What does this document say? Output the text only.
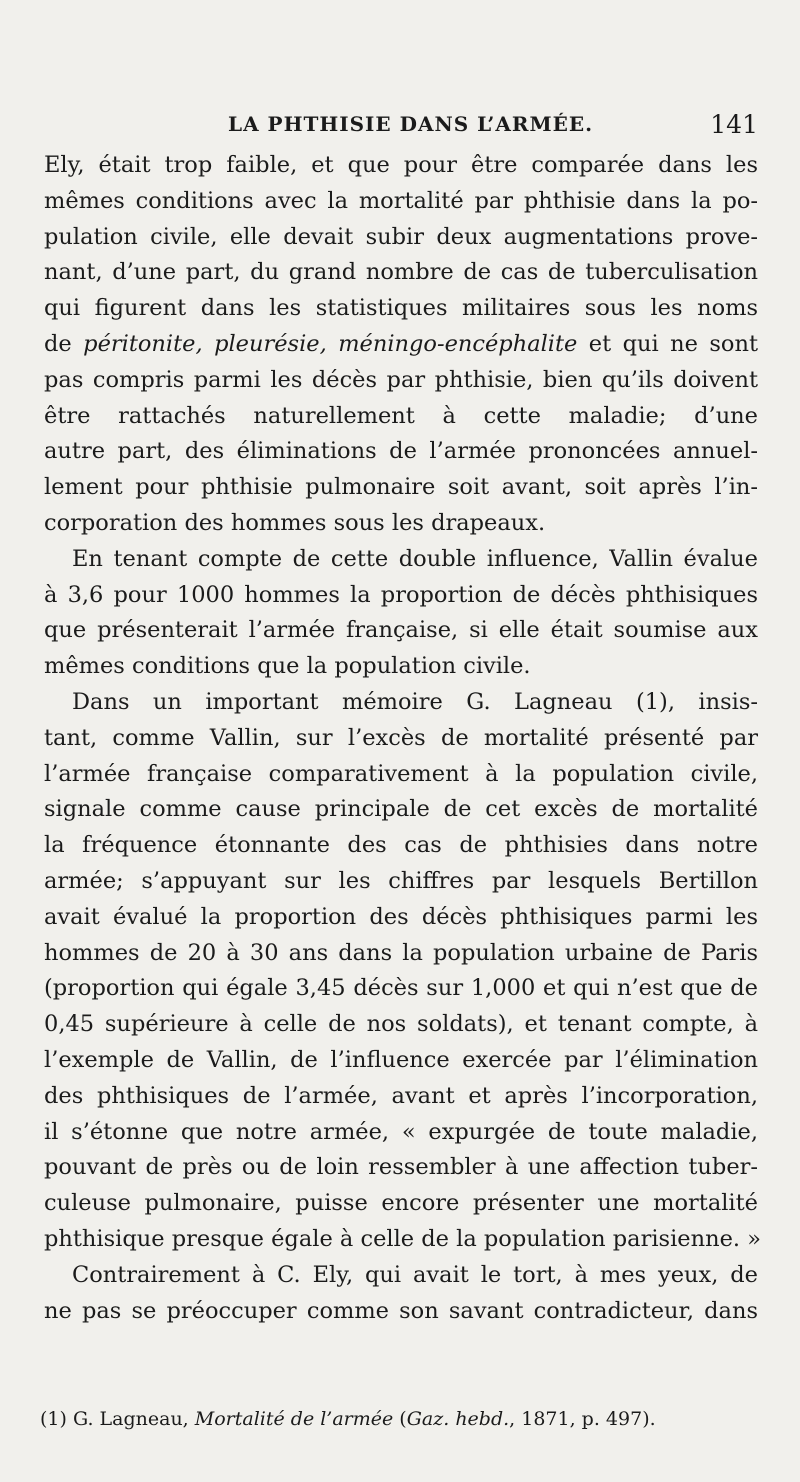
LA PHTHISIE DANS L’ARMÉE.	141
Ely, était trop faible, et que pour être comparée dans les
mêmes conditions avec la mortalité par phthisie dans la po-
pulation civile, elle devait subir deux augmentations prove-
nant, d’une part, du grand nombre de cas de tuberculisation
qui figurent dans les statistiques militaires sous les noms
de péritonite, pleurésie, méningo-encéphalite et qui ne sont
pas compris parmi les décès par phthisie, bien qu’ils doivent
être rattachés naturellement à cette maladie; d’une
autre part, des éliminations de l’armée prononcées annuel-
lement pour phthisie pulmonaire soit avant, soit après l’in-
corporation des hommes sous les drapeaux.
En tenant compte de cette double influence, Vallin évalue
à 3,6 pour 1000 hommes la proportion de décès phthisiques
que présenterait l’armée française, si elle était soumise aux
mêmes conditions que la population civile.
Dans un important mémoire G. Lagneau (1), insis-
tant, comme Vallin, sur l’excès de mortalité présenté par
l’armée française comparativement à la population civile,
signale comme cause principale de cet excès de mortalité
la fréquence étonnante des cas de phthisies dans notre
armée; s’appuyant sur les chiffres par lesquels Bertillon
avait évalué la proportion des décès phthisiques parmi les
hommes de 20 à 30 ans dans la population urbaine de Paris
(proportion qui égale 3,45 décès sur 1,000 et qui n’est que de
0,45 supérieure à celle de nos soldats), et tenant compte, à
l’exemple de Vallin, de l’influence exercée par l’élimination
des phthisiques de l’armée, avant et après l’incorporation,
il s’étonne que notre armée, « expurgée de toute maladie,
pouvant de près ou de loin ressembler à une affection tuber-
culeuse pulmonaire, puisse encore présenter une mortalité
phthisique presque égale à celle de la population parisienne. »
Contrairement à C. Ely, qui avait le tort, à mes yeux, de
ne pas se préoccuper comme son savant contradicteur, dans
(1) G. Lagneau, Mortalité de l’armée (Gaz. hebd., 1871, p. 497).
